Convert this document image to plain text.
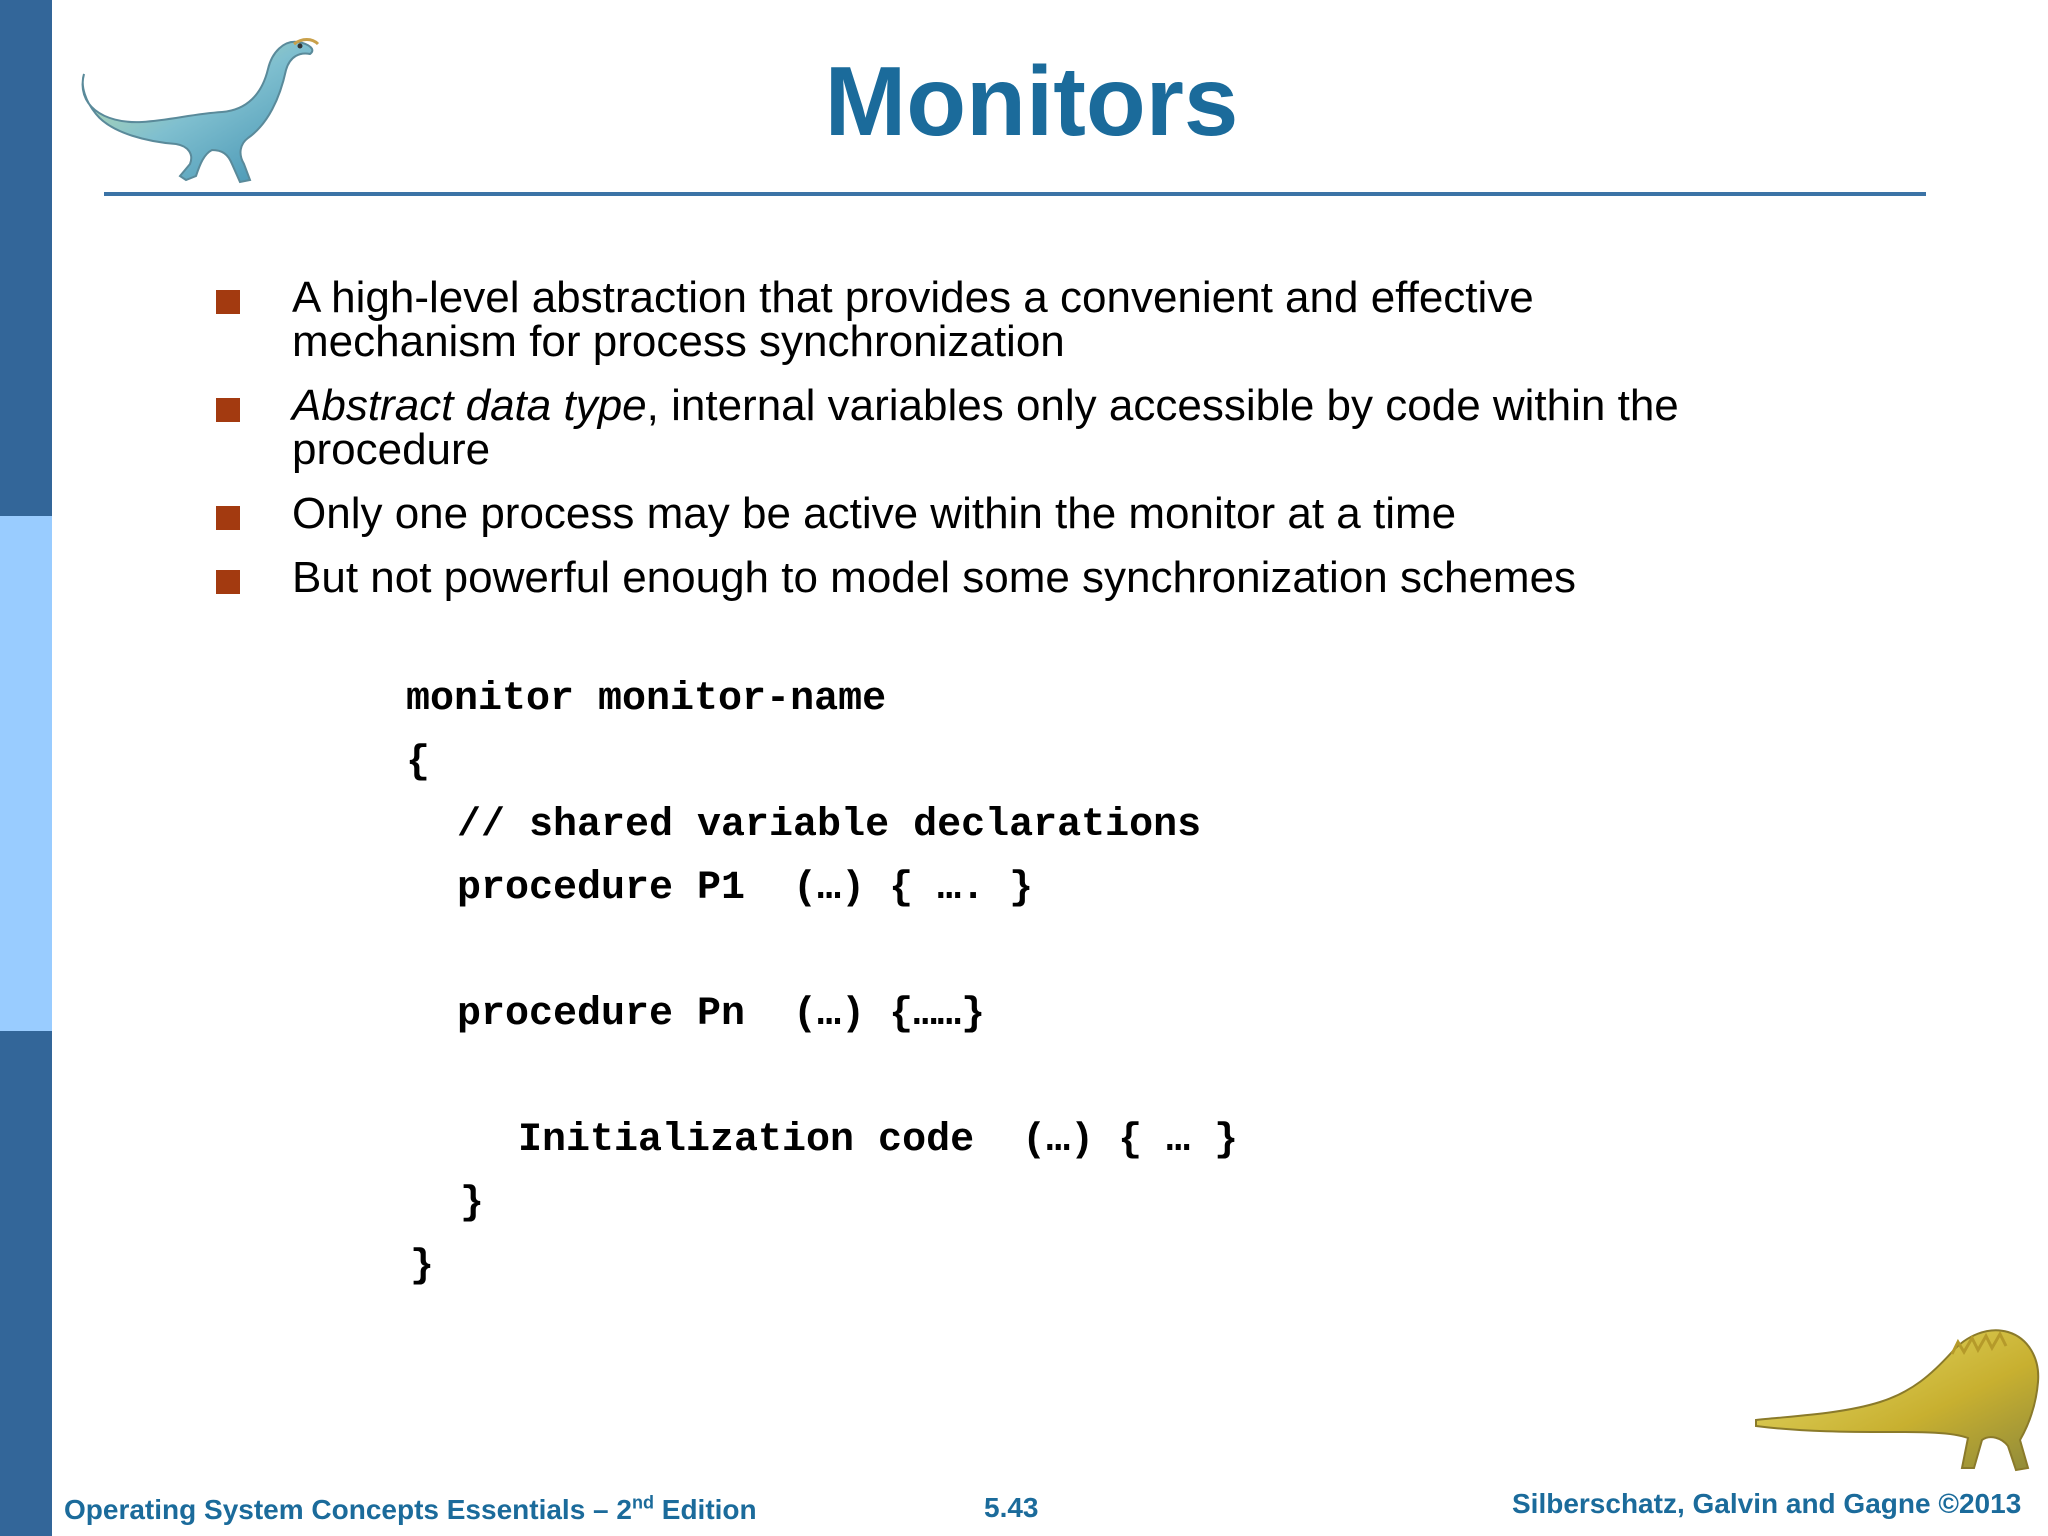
Monitors
A high-level abstraction that provides a convenient and effective
mechanism for process synchronization
Abstract data type, internal variables only accessible by code within the
procedure
Only one process may be active within the monitor at a time
But not powerful enough to model some synchronization schemes
monitor monitor-name
{
// shared variable declarations
procedure P1  (…) { …. }
procedure Pn  (…) {……}
Initialization code  (…) { … }
}
}
Operating System Concepts Essentials – 2nd Edition	5.43	Silberschatz, Galvin and Gagne ©2013
